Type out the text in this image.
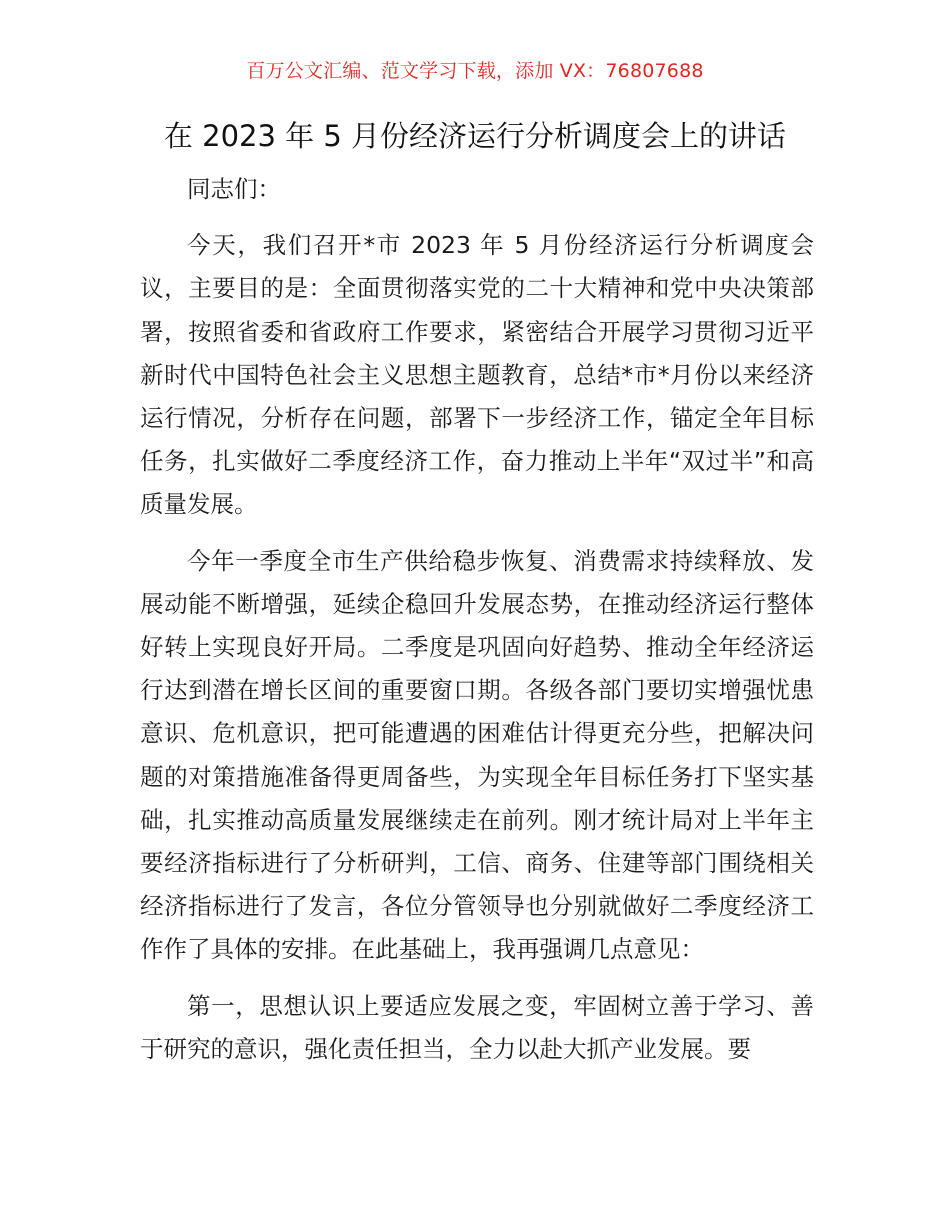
百万公文汇编、范文学习下载，添加 VX：76807688
在 2023 年 5 月份经济运行分析调度会上的讲话

同志们：

今天，我们召开*市 2023 年 5 月份经济运行分析调度会议，主要目的是：全面贯彻落实党的二十大精神和党中央决策部署，按照省委和省政府工作要求，紧密结合开展学习贯彻习近平新时代中国特色社会主义思想主题教育，总结*市*月份以来经济运行情况，分析存在问题，部署下一步经济工作，锚定全年目标任务，扎实做好二季度经济工作，奋力推动上半年“双过半”和高质量发展。

今年一季度全市生产供给稳步恢复、消费需求持续释放、发展动能不断增强，延续企稳回升发展态势，在推动经济运行整体好转上实现良好开局。二季度是巩固向好趋势、推动全年经济运行达到潜在增长区间的重要窗口期。各级各部门要切实增强忧患意识、危机意识，把可能遭遇的困难估计得更充分些，把解决问题的对策措施准备得更周备些，为实现全年目标任务打下坚实基础，扎实推动高质量发展继续走在前列。刚才统计局对上半年主要经济指标进行了分析研判，工信、商务、住建等部门围绕相关经济指标进行了发言，各位分管领导也分别就做好二季度经济工作作了具体的安排。在此基础上，我再强调几点意见：

第一，思想认识上要适应发展之变，牢固树立善于学习、善于研究的意识，强化责任担当，全力以赴大抓产业发展。要
